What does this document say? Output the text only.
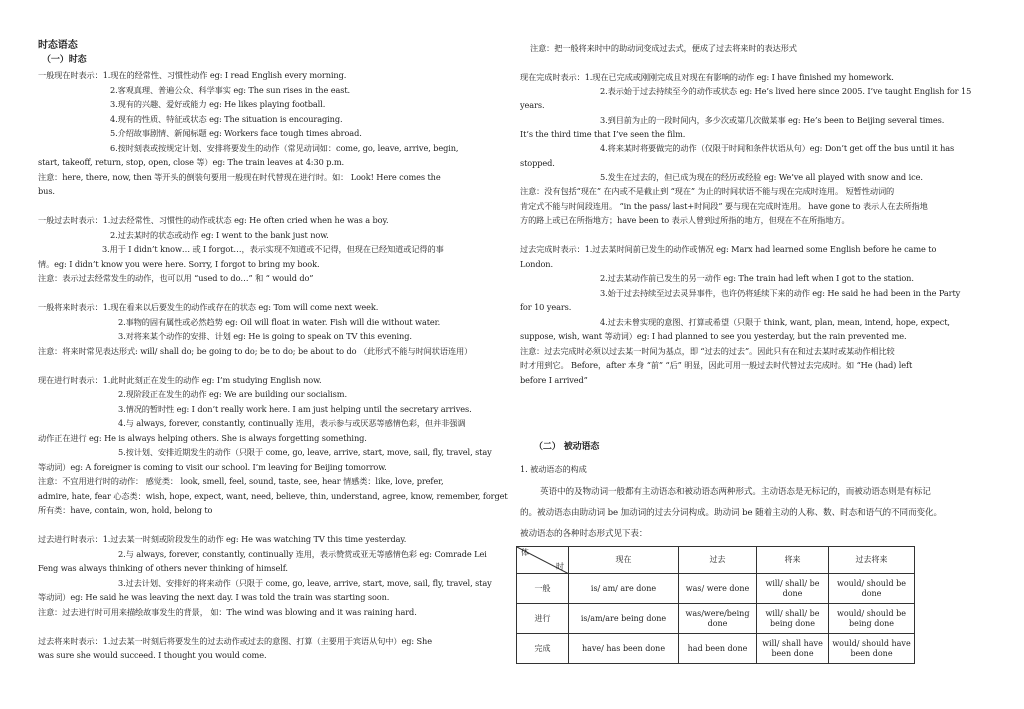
时态语态
（一）时态
一般现在时表示：1.现在的经常性、习惯性动作 eg: I read English every morning.
2.客观真理、普遍公众、科学事实 eg: The sun rises in the east.
3.现有的兴趣、爱好或能力 eg: He likes playing football.
4.现有的性质、特征或状态 eg: The situation is encouraging.
5.介绍故事剧情、新闻标题 eg: Workers face tough times abroad.
6.按时刻表或按规定计划、安排将要发生的动作（常见动词如：come, go, leave, arrive, begin,
start, takeoff, return, stop, open, close 等）eg: The train leaves at 4:30 p.m.
注意：here, there, now, then 等开头的倒装句要用一般现在时代替现在进行时。如： Look! Here comes the
bus.
一般过去时表示：1.过去经常性、习惯性的动作或状态 eg: He often cried when he was a boy.
2.过去某时的状态或动作 eg: I went to the bank just now.
3.用于 I didn’t know… 或 I forgot…，表示实现不知道或不记得，但现在已经知道或记得的事
情。eg: I didn’t know you were here. Sorry, I forgot to bring my book.
注意：表示过去经常发生的动作，也可以用 “used to do…” 和 “ would do”
一般将来时表示：1.现在看来以后要发生的动作或存在的状态 eg: Tom will come next week.
2.事物的固有属性或必然趋势 eg: Oil will float in water. Fish will die without water.
3.对将来某个动作的安排、计划 eg: He is going to speak on TV this evening.
注意：将来时常见表达形式: will/ shall do; be going to do; be to do; be about to do （此形式不能与时间状语连用）
现在进行时表示：1.此时此刻正在发生的动作 eg: I’m studying English now.
2.现阶段正在发生的动作 eg: We are building our socialism.
3.情况的暂时性 eg: I don’t really work here. I am just helping until the secretary arrives.
4.与 always, forever, constantly, continually 连用，表示参与或厌恶等感情色彩，但并非强调
动作正在进行 eg: He is always helping others. She is always forgetting something.
5.按计划、安排近期发生的动作（只限于 come, go, leave, arrive, start, move, sail, fly, travel, stay
等动词）eg: A foreigner is coming to visit our school. I’m leaving for Beijing tomorrow.
注意：不宜用进行时的动作： 感觉类： look, smell, feel, sound, taste, see, hear 情感类：like, love, prefer,
admire, hate, fear 心态类：wish, hope, expect, want, need, believe, thin, understand, agree, know, remember, forget
所有类：have, contain, won, hold, belong to
过去进行时表示：1.过去某一时刻或阶段发生的动作 eg: He was watching TV this time yesterday.
2.与 always, forever, constantly, continually 连用，表示赞赏或亚无等感情色彩 eg: Comrade Lei
Feng was always thinking of others never thinking of himself.
3.过去计划、安排好的将来动作（只限于 come, go, leave, arrive, start, move, sail, fly, travel, stay
等动词）eg: He said he was leaving the next day. I was told the train was starting soon.
注意：过去进行时可用来描绘故事发生的背景， 如：The wind was blowing and it was raining hard.
过去将来时表示：1.过去某一时刻后将要发生的过去动作或过去的意图、打算（主要用于宾语从句中）eg: She
was sure she would succeed. I thought you would come.
注意：把一般将来时中的助动词变成过去式，便成了过去将来时的表达形式
现在完成时表示：1.现在已完成或刚刚完成且对现在有影响的动作 eg: I have finished my homework.
2.表示始于过去持续至今的动作或状态 eg: He’s lived here since 2005. I’ve taught English for 15
years.
3.到目前为止的一段时间内，多少次或第几次做某事 eg: He’s been to Beijing several times.
It’s the third time that I’ve seen the film.
4.将来某时将要做完的动作（仅限于时间和条件状语从句）eg: Don’t get off the bus until it has
stopped.
5.发生在过去的，但已成为现在的经历或经验 eg: We’ve all played with snow and ice.
注意：没有包括“现在” 在内或不是截止到 “现在” 为止的时间状语不能与现在完成时连用。 短暂性动词的
肯定式不能与时间段连用。 “in the pass/ last+时间段” 要与现在完成时连用。 have gone to 表示人在去所指地
方的路上或已在所指地方；have been to 表示人曾到过所指的地方，但现在不在所指地方。
过去完成时表示：1.过去某时间前已发生的动作或情况 eg: Marx had learned some English before he came to
London.
2.过去某动作前已发生的另一动作 eg: The train had left when I got to the station.
3.始于过去持续至过去灵异事件，也许仍将延续下来的动作 eg: He said he had been in the Party
for 10 years.
4.过去未曾实现的意图、打算或希望（只限于 think, want, plan, mean, intend, hope, expect,
suppose, wish, want 等动词）eg: I had planned to see you yesterday, but the rain prevented me.
注意：过去完成时必须以过去某一时间为基点，即 “过去的过去”。因此只有在和过去某时或某动作相比较
时才用到它。 Before，after 本身 “前” “后” 明显，因此可用一般过去时代替过去完成时。如 “He (had) left
before I arrived”
（二） 被动语态
1. 被动语态的构成
英语中的及物动词一般都有主动语态和被动语态两种形式。主动语态是无标记的，而被动语态则是有标记
的。被动语态由助动词 be 加动词的过去分词构成。助动词 be 随着主动的人称、数、时态和语气的不同而变化。
被动语态的各种时态形式见下表：
体
时	现在	过去	将来	过去将来
一般	is/ am/ are done	was/ were done	will/ shall/ be done	would/ should be done
进行	is/am/are being done	was/were/being done	will/ shall/ be being done	would/ should be being done
完成	have/ has been done	had been done	will/ shall have been done	would/ should have been done
